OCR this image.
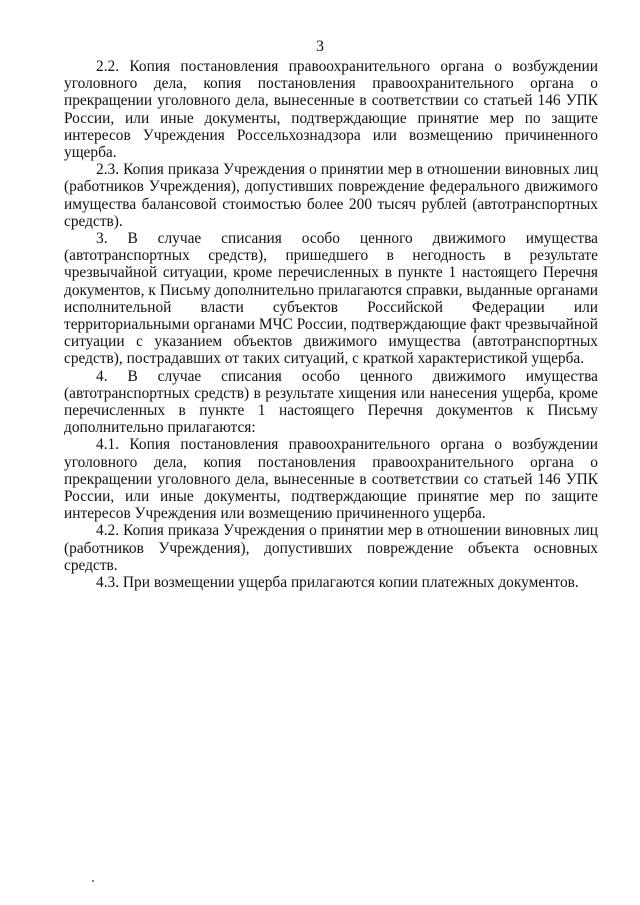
3

2.2. Копия постановления правоохранительного органа о возбуждении уголовного дела, копия постановления правоохранительного органа о прекращении уголовного дела, вынесенные в соответствии со статьей 146 УПК России, или иные документы, подтверждающие принятие мер по защите интересов Учреждения Россельхознадзора или возмещению причиненного ущерба.

2.3. Копия приказа Учреждения о принятии мер в отношении виновных лиц (работников Учреждения), допустивших повреждение федерального движимого имущества балансовой стоимостью более 200 тысяч рублей (автотранспортных средств).

3. В случае списания особо ценного движимого имущества (автотранспортных средств), пришедшего в негодность в результате чрезвычайной ситуации, кроме перечисленных в пункте 1 настоящего Перечня документов, к Письму дополнительно прилагаются справки, выданные органами исполнительной власти субъектов Российской Федерации или территориальными органами МЧС России, подтверждающие факт чрезвычайной ситуации с указанием объектов движимого имущества (автотранспортных средств), пострадавших от таких ситуаций, с краткой характеристикой ущерба.

4. В случае списания особо ценного движимого имущества (автотранспортных средств) в результате хищения или нанесения ущерба, кроме перечисленных в пункте 1 настоящего Перечня документов к Письму дополнительно прилагаются:

4.1. Копия постановления правоохранительного органа о возбуждении уголовного дела, копия постановления правоохранительного органа о прекращении уголовного дела, вынесенные в соответствии со статьей 146 УПК России, или иные документы, подтверждающие принятие мер по защите интересов Учреждения или возмещению причиненного ущерба.

4.2. Копия приказа Учреждения о принятии мер в отношении виновных лиц (работников Учреждения), допустивших повреждение объекта основных средств.

4.3. При возмещении ущерба прилагаются копии платежных документов.
